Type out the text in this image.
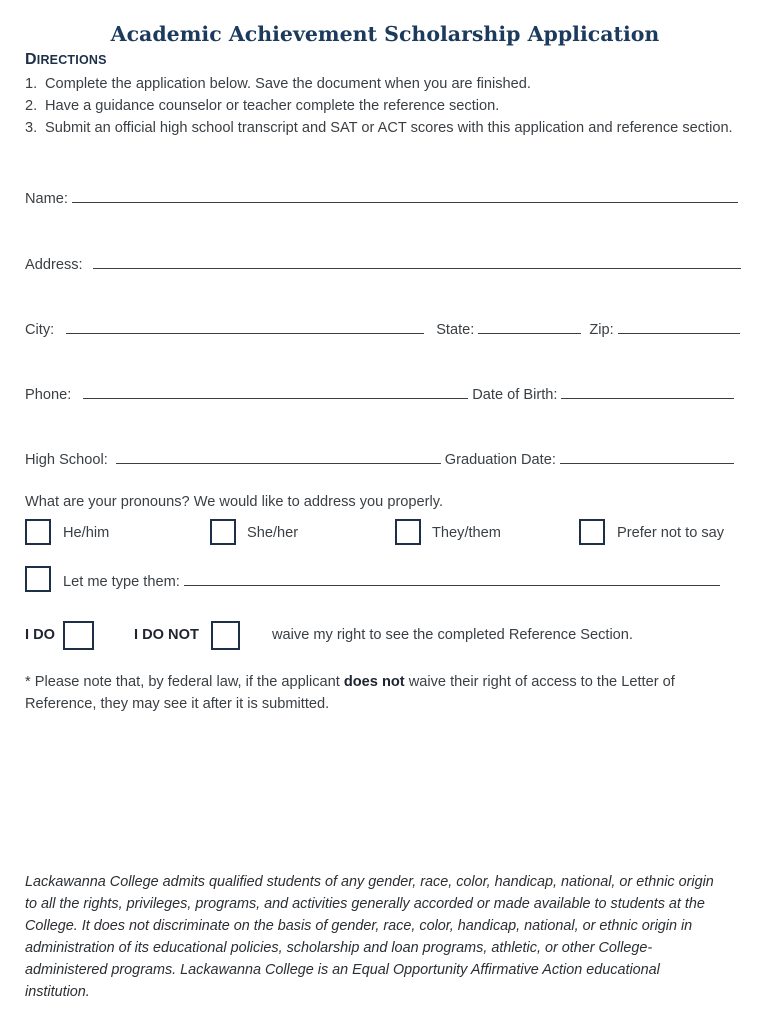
Academic Achievement Scholarship Application
DIRECTIONS
1. Complete the application below. Save the document when you are finished.
2. Have a guidance counselor or teacher complete the reference section.
3. Submit an official high school transcript and SAT or ACT scores with this application and reference section.
Name:
Address:
City:	State:	Zip:
Phone:	Date of Birth:
High School:	Graduation Date:
What are your pronouns? We would like to address you properly.
He/him	She/her	They/them	Prefer not to say
Let me type them:
I DO	I DO NOT	waive my right to see the completed Reference Section.
* Please note that, by federal law, if the applicant does not waive their right of access to the Letter of Reference, they may see it after it is submitted.
Lackawanna College admits qualified students of any gender, race, color, handicap, national, or ethnic origin to all the rights, privileges, programs, and activities generally accorded or made available to students at the College. It does not discriminate on the basis of gender, race, color, handicap, national, or ethnic origin in administration of its educational policies, scholarship and loan programs, athletic, or other College-administered programs. Lackawanna College is an Equal Opportunity Affirmative Action educational institution.
